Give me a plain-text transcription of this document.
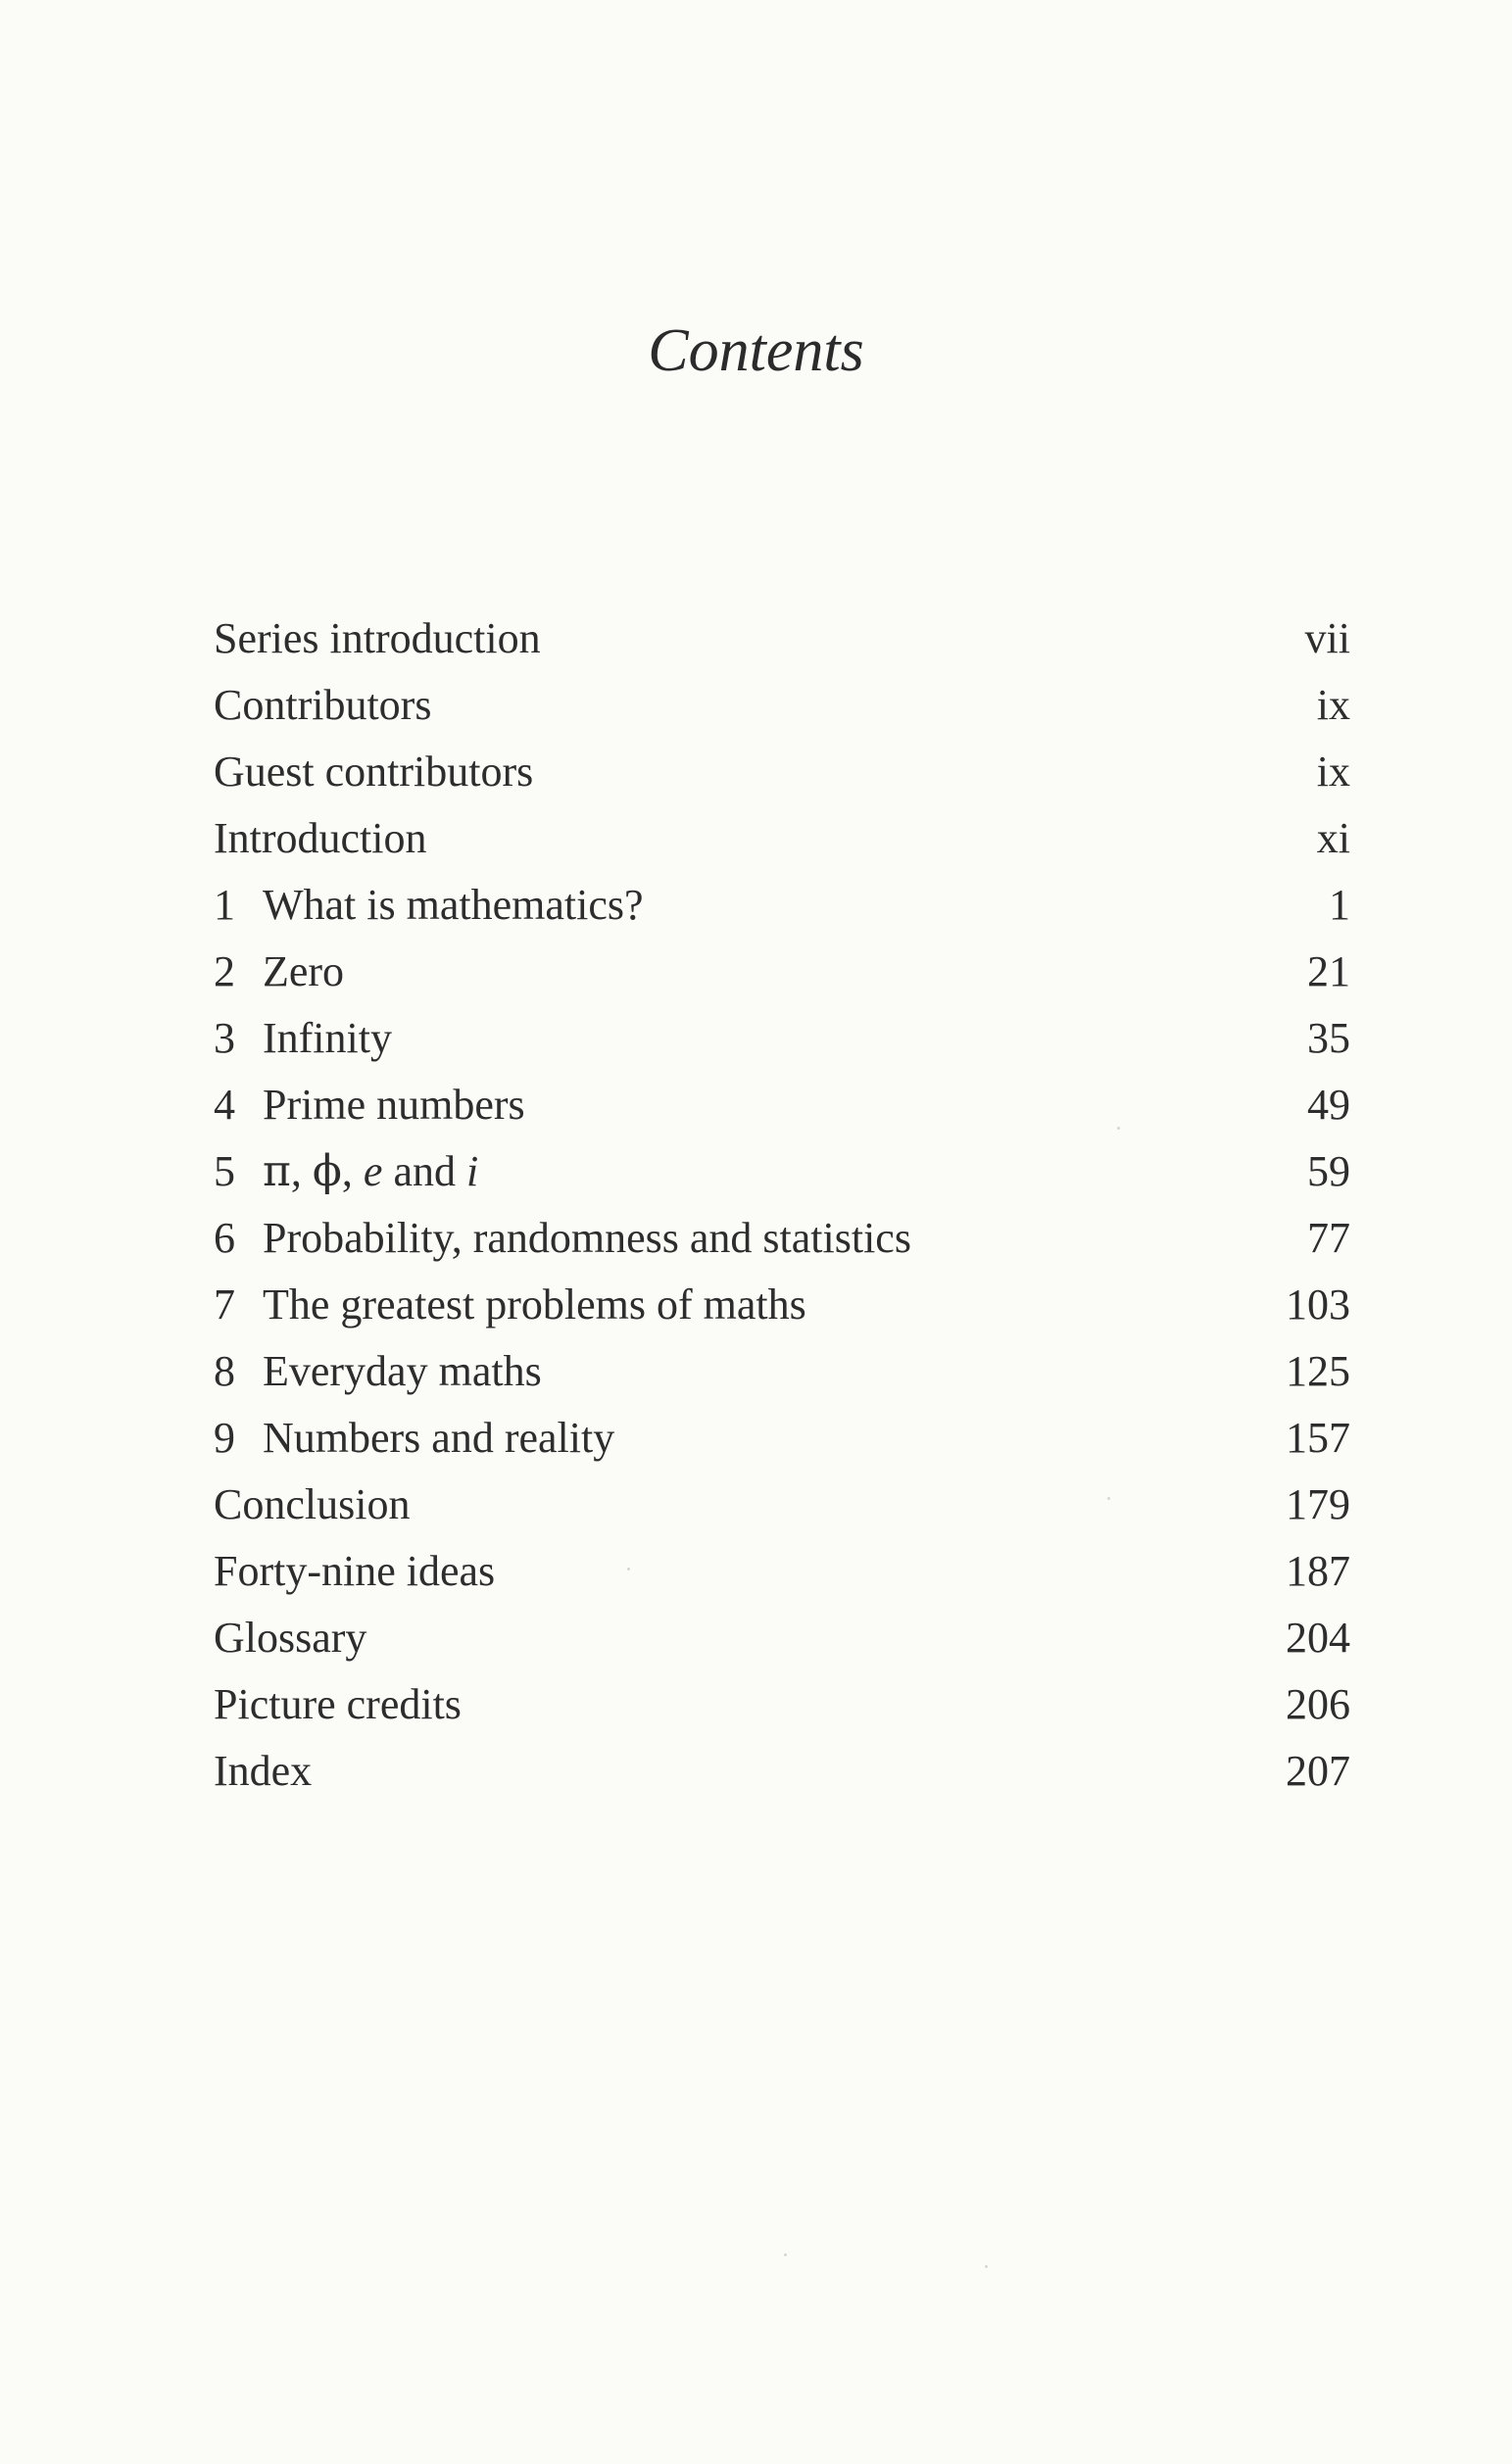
Contents
Series introduction	vii
Contributors	ix
Guest contributors	ix
Introduction	xi
1 What is mathematics?	1
2 Zero	21
3 Infinity	35
4 Prime numbers	49
5 π, ϕ, e and i	59
6 Probability, randomness and statistics	77
7 The greatest problems of maths	103
8 Everyday maths	125
9 Numbers and reality	157
Conclusion	179
Forty-nine ideas	187
Glossary	204
Picture credits	206
Index	207
